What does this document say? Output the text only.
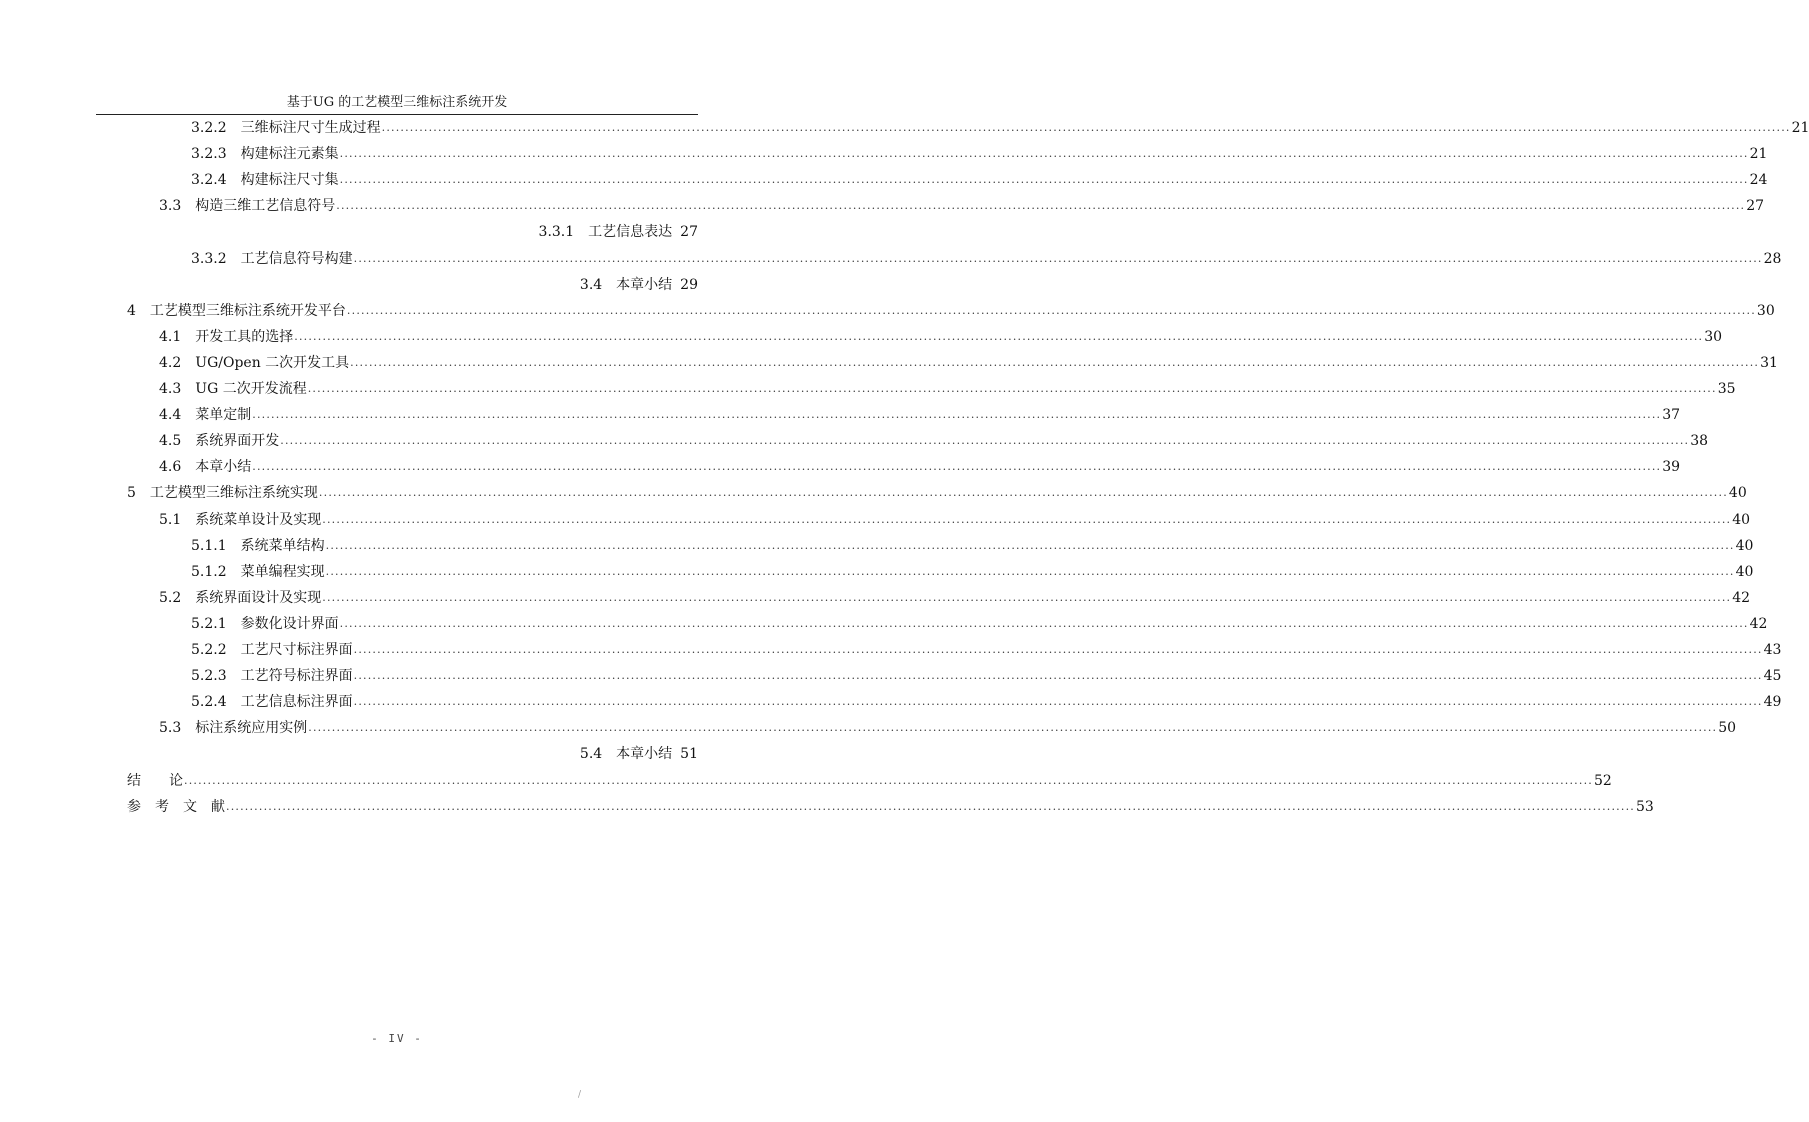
基于UG 的工艺模型三维标注系统开发
3.2.2 三维标注尺寸生成过程 ............................................................................................................................................................................................................................................................................................................ 21
3.2.3 构建标注元素集 ............................................................................................................................................................................................................................................................................................................ 21
3.2.4 构建标注尺寸集 ............................................................................................................................................................................................................................................................................................................ 24
3.3 构造三维工艺信息符号 ............................................................................................................................................................................................................................................................................................................ 27
3.3.1 工艺信息表达 27
3.3.2 工艺信息符号构建 ............................................................................................................................................................................................................................................................................................................ 28
3.4 本章小结 29
4 工艺模型三维标注系统开发平台 ............................................................................................................................................................................................................................................................................................................ 30
4.1 开发工具的选择 ............................................................................................................................................................................................................................................................................................................ 30
4.2 UG/Open 二次开发工具 ............................................................................................................................................................................................................................................................................................................ 31
4.3 UG 二次开发流程 ............................................................................................................................................................................................................................................................................................................ 35
4.4 菜单定制 ............................................................................................................................................................................................................................................................................................................ 37
4.5 系统界面开发 ............................................................................................................................................................................................................................................................................................................ 38
4.6 本章小结 ............................................................................................................................................................................................................................................................................................................ 39
5 工艺模型三维标注系统实现 ............................................................................................................................................................................................................................................................................................................ 40
5.1 系统菜单设计及实现 ............................................................................................................................................................................................................................................................................................................ 40
5.1.1 系统菜单结构 ............................................................................................................................................................................................................................................................................................................ 40
5.1.2 菜单编程实现 ............................................................................................................................................................................................................................................................................................................ 40
5.2 系统界面设计及实现 ............................................................................................................................................................................................................................................................................................................ 42
5.2.1 参数化设计界面 ............................................................................................................................................................................................................................................................................................................ 42
5.2.2 工艺尺寸标注界面 ............................................................................................................................................................................................................................................................................................................ 43
5.2.3 工艺符号标注界面 ............................................................................................................................................................................................................................................................................................................ 45
5.2.4 工艺信息标注界面 ............................................................................................................................................................................................................................................................................................................ 49
5.3 标注系统应用实例 ............................................................................................................................................................................................................................................................................................................ 50
5.4 本章小结 51
结　　论 ............................................................................................................................................................................................................................................................................................................ 52
参　考　文　献 ............................................................................................................................................................................................................................................................................................................ 53
- IV -
/
